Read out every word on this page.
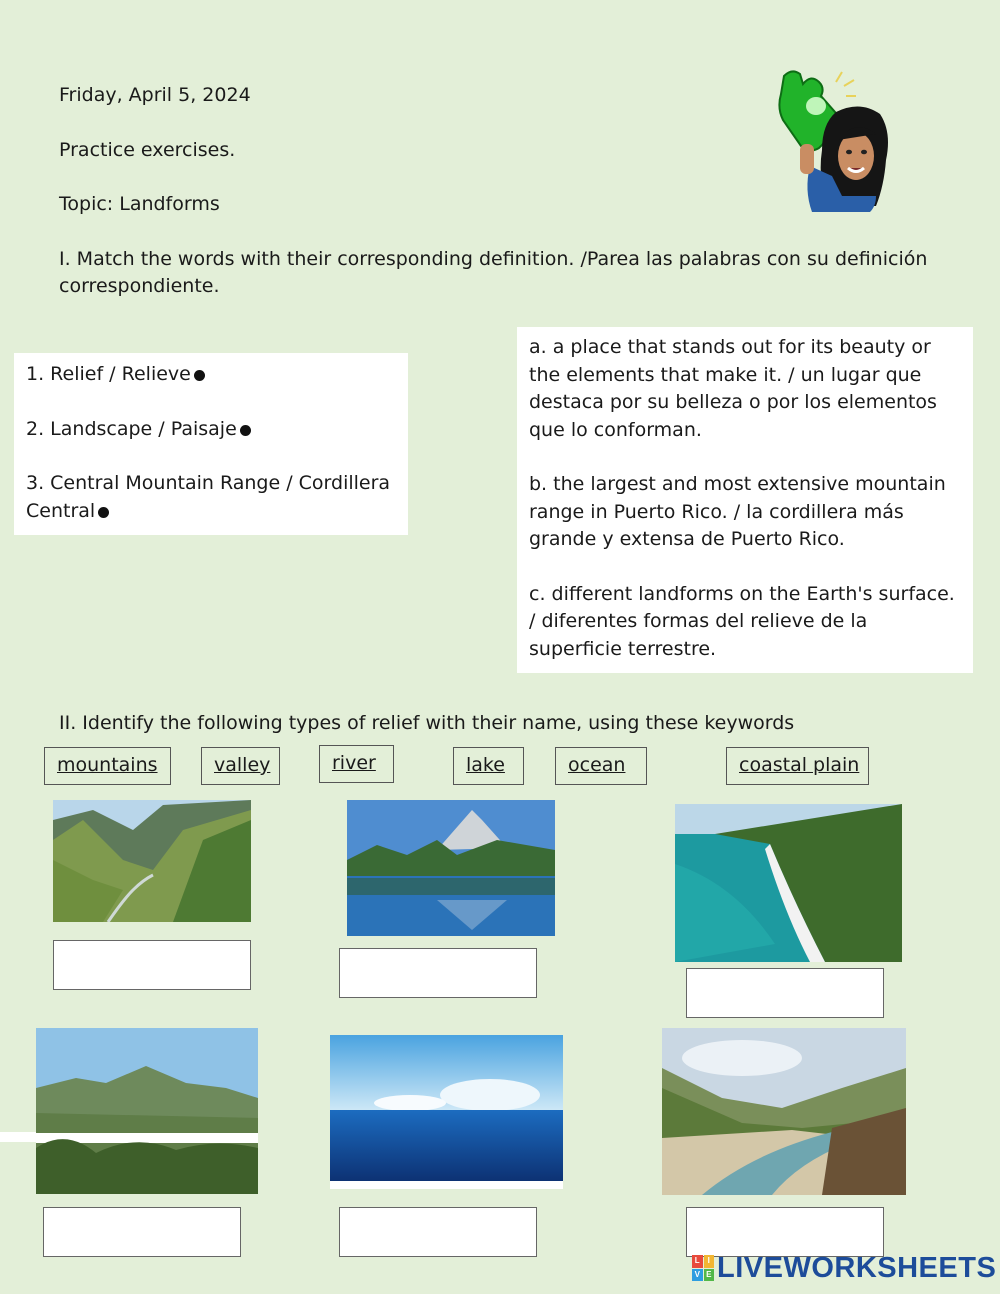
Friday, April 5, 2024
Practice exercises.
Topic: Landforms
I. Match the words with their corresponding definition. /Parea las palabras con su definición correspondiente.

1. Relief / Relieve

2. Landscape / Paisaje

3. Central Mountain Range / Cordillera Central

a. a place that stands out for its beauty or the elements that make it. / un lugar que destaca por su belleza o por los elementos que lo conforman.

b. the largest and most extensive mountain range in Puerto Rico. / la cordillera más grande y extensa de Puerto Rico.

c. different landforms on the Earth's surface. / diferentes formas del relieve de la superficie terrestre.

II. Identify the following types of relief with their name, using these keywords
mountains	valley	river	lake	ocean	coastal plain
L I
V E LIVEWORKSHEETS
